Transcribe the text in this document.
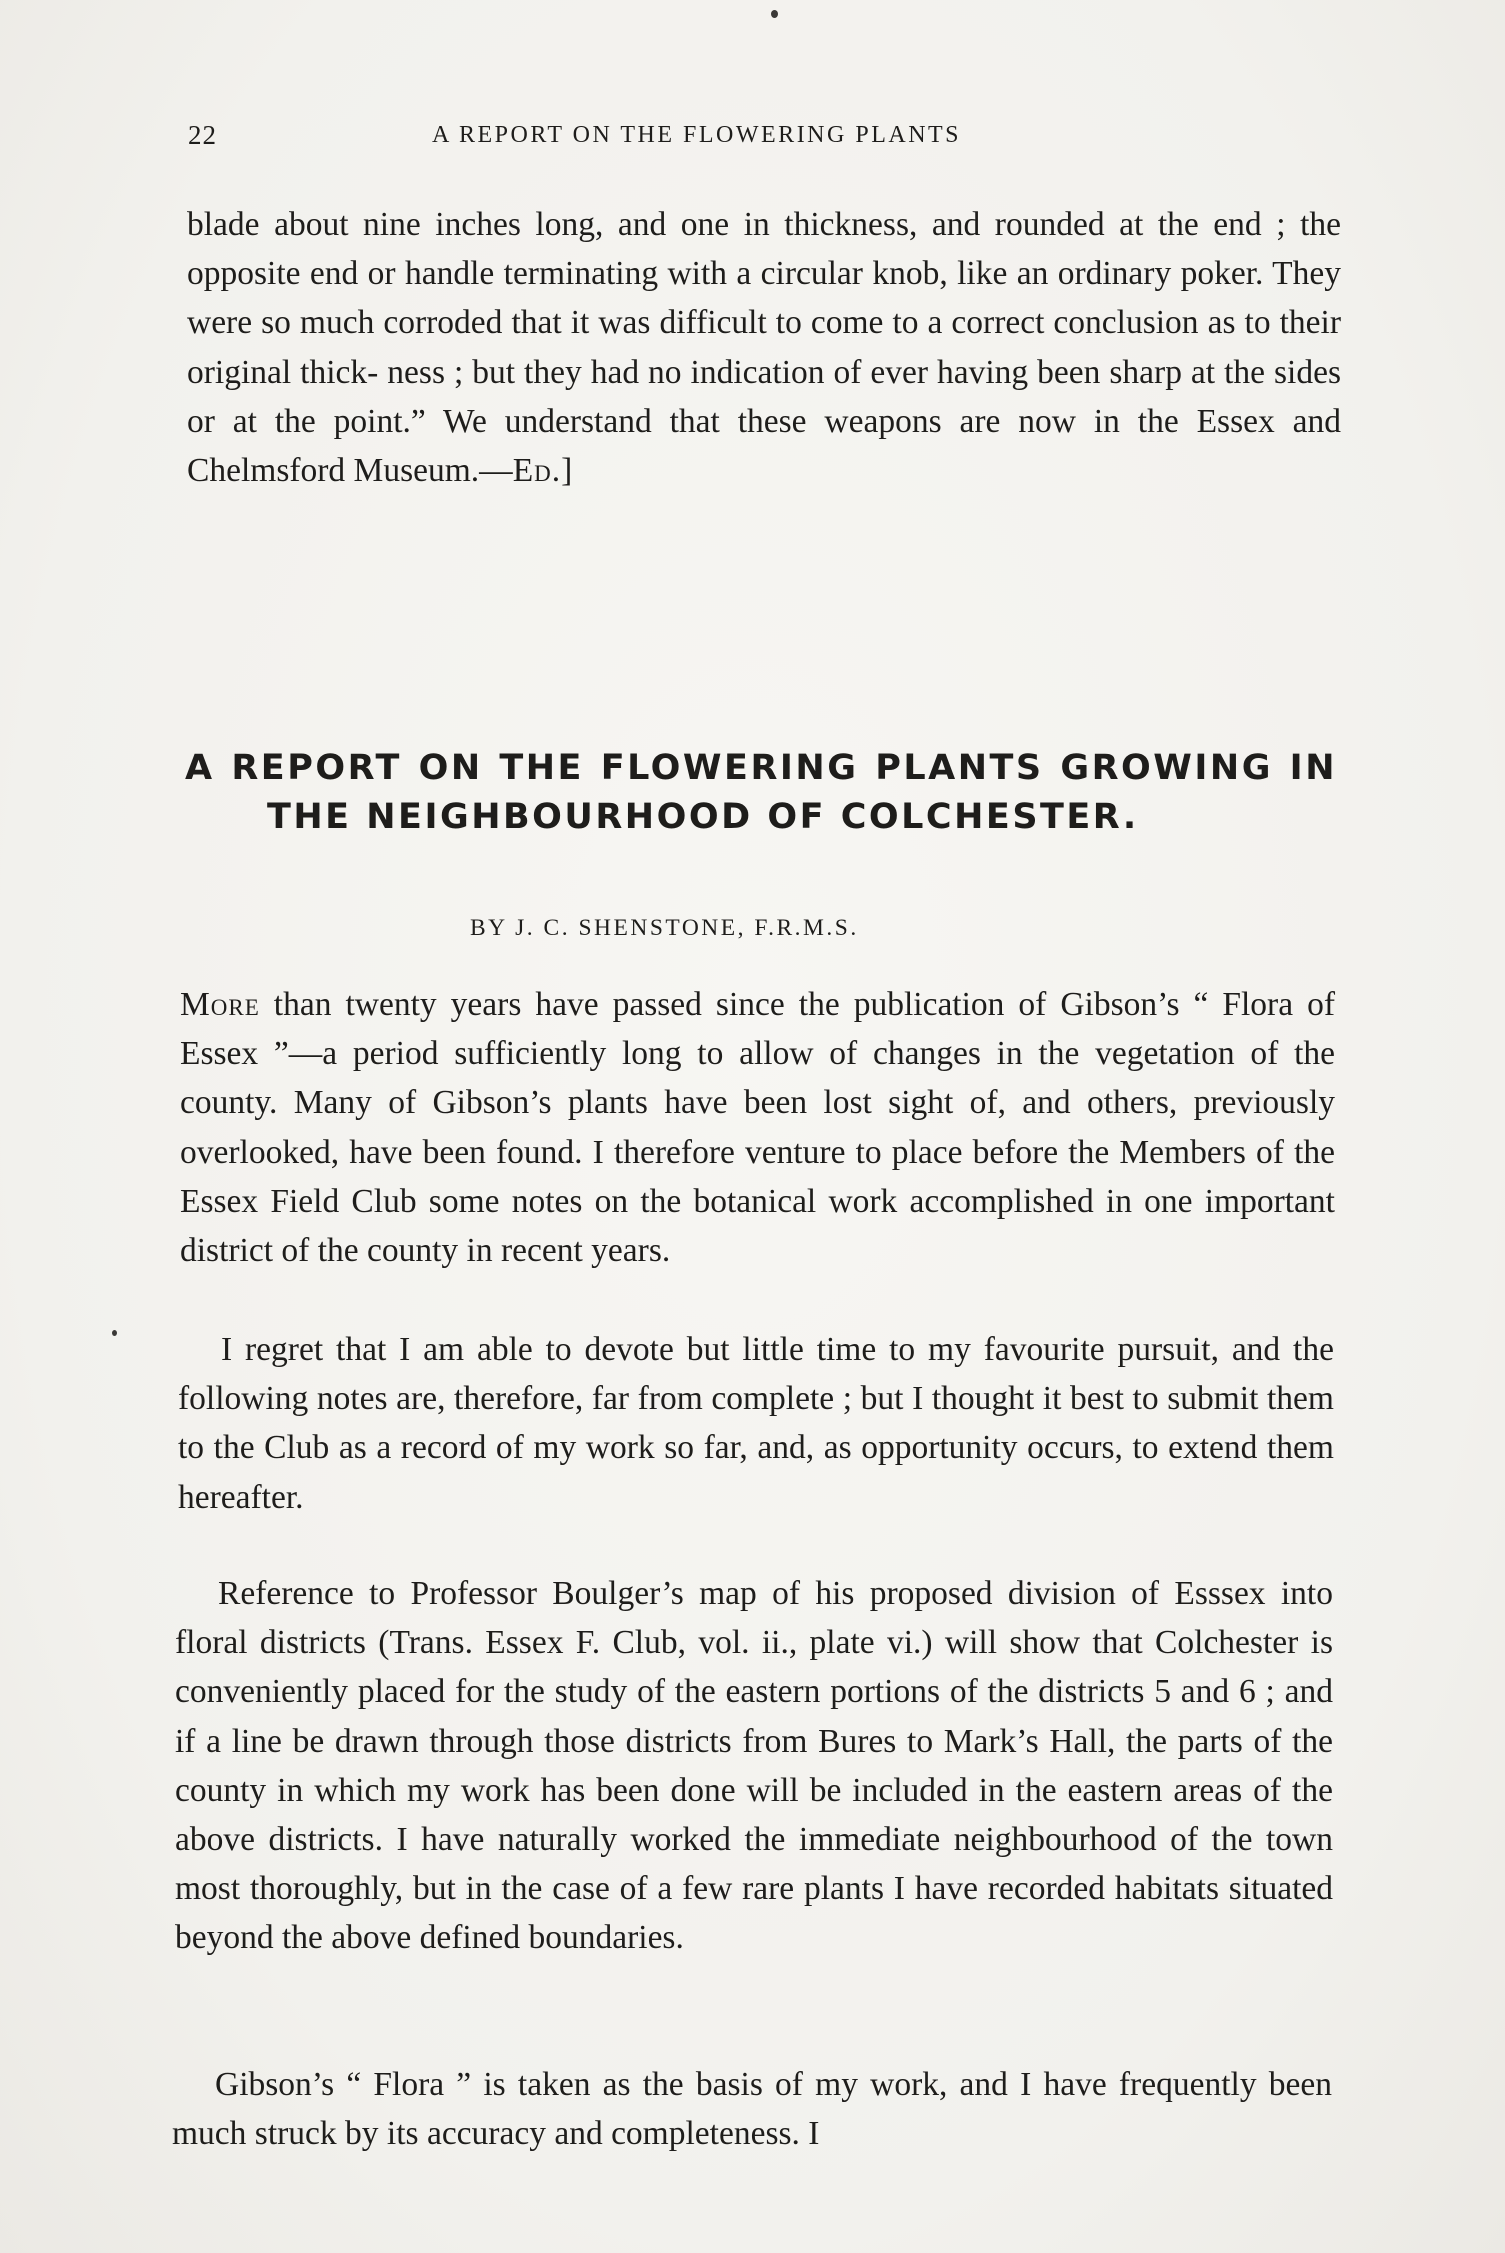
22	A REPORT ON THE FLOWERING PLANTS

blade about nine inches long, and one in thickness, and rounded at the end ; the opposite end or handle terminating with a circular knob, like an ordinary poker. They were so much corroded that it was difficult to come to a correct conclusion as to their original thick- ness ; but they had no indication of ever having been sharp at the sides or at the point.” We understand that these weapons are now in the Essex and Chelmsford Museum.—Ed.]

A REPORT ON THE FLOWERING PLANTS GROWING IN THE NEIGHBOURHOOD OF COLCHESTER.
BY J. C. SHENSTONE, F.R.M.S.

More than twenty years have passed since the publication of Gibson’s “ Flora of Essex ”—a period sufficiently long to allow of changes in the vegetation of the county. Many of Gibson’s plants have been lost sight of, and others, previously overlooked, have been found. I therefore venture to place before the Members of the Essex Field Club some notes on the botanical work accomplished in one important district of the county in recent years.

I regret that I am able to devote but little time to my favourite pursuit, and the following notes are, therefore, far from complete ; but I thought it best to submit them to the Club as a record of my work so far, and, as opportunity occurs, to extend them hereafter.

Reference to Professor Boulger’s map of his proposed division of Esssex into floral districts (Trans. Essex F. Club, vol. ii., plate vi.) will show that Colchester is conveniently placed for the study of the eastern portions of the districts 5 and 6 ; and if a line be drawn through those districts from Bures to Mark’s Hall, the parts of the county in which my work has been done will be included in the eastern areas of the above districts. I have naturally worked the immediate neighbourhood of the town most thoroughly, but in the case of a few rare plants I have recorded habitats situated beyond the above defined boundaries.

Gibson’s “ Flora ” is taken as the basis of my work, and I have frequently been much struck by its accuracy and completeness. I
